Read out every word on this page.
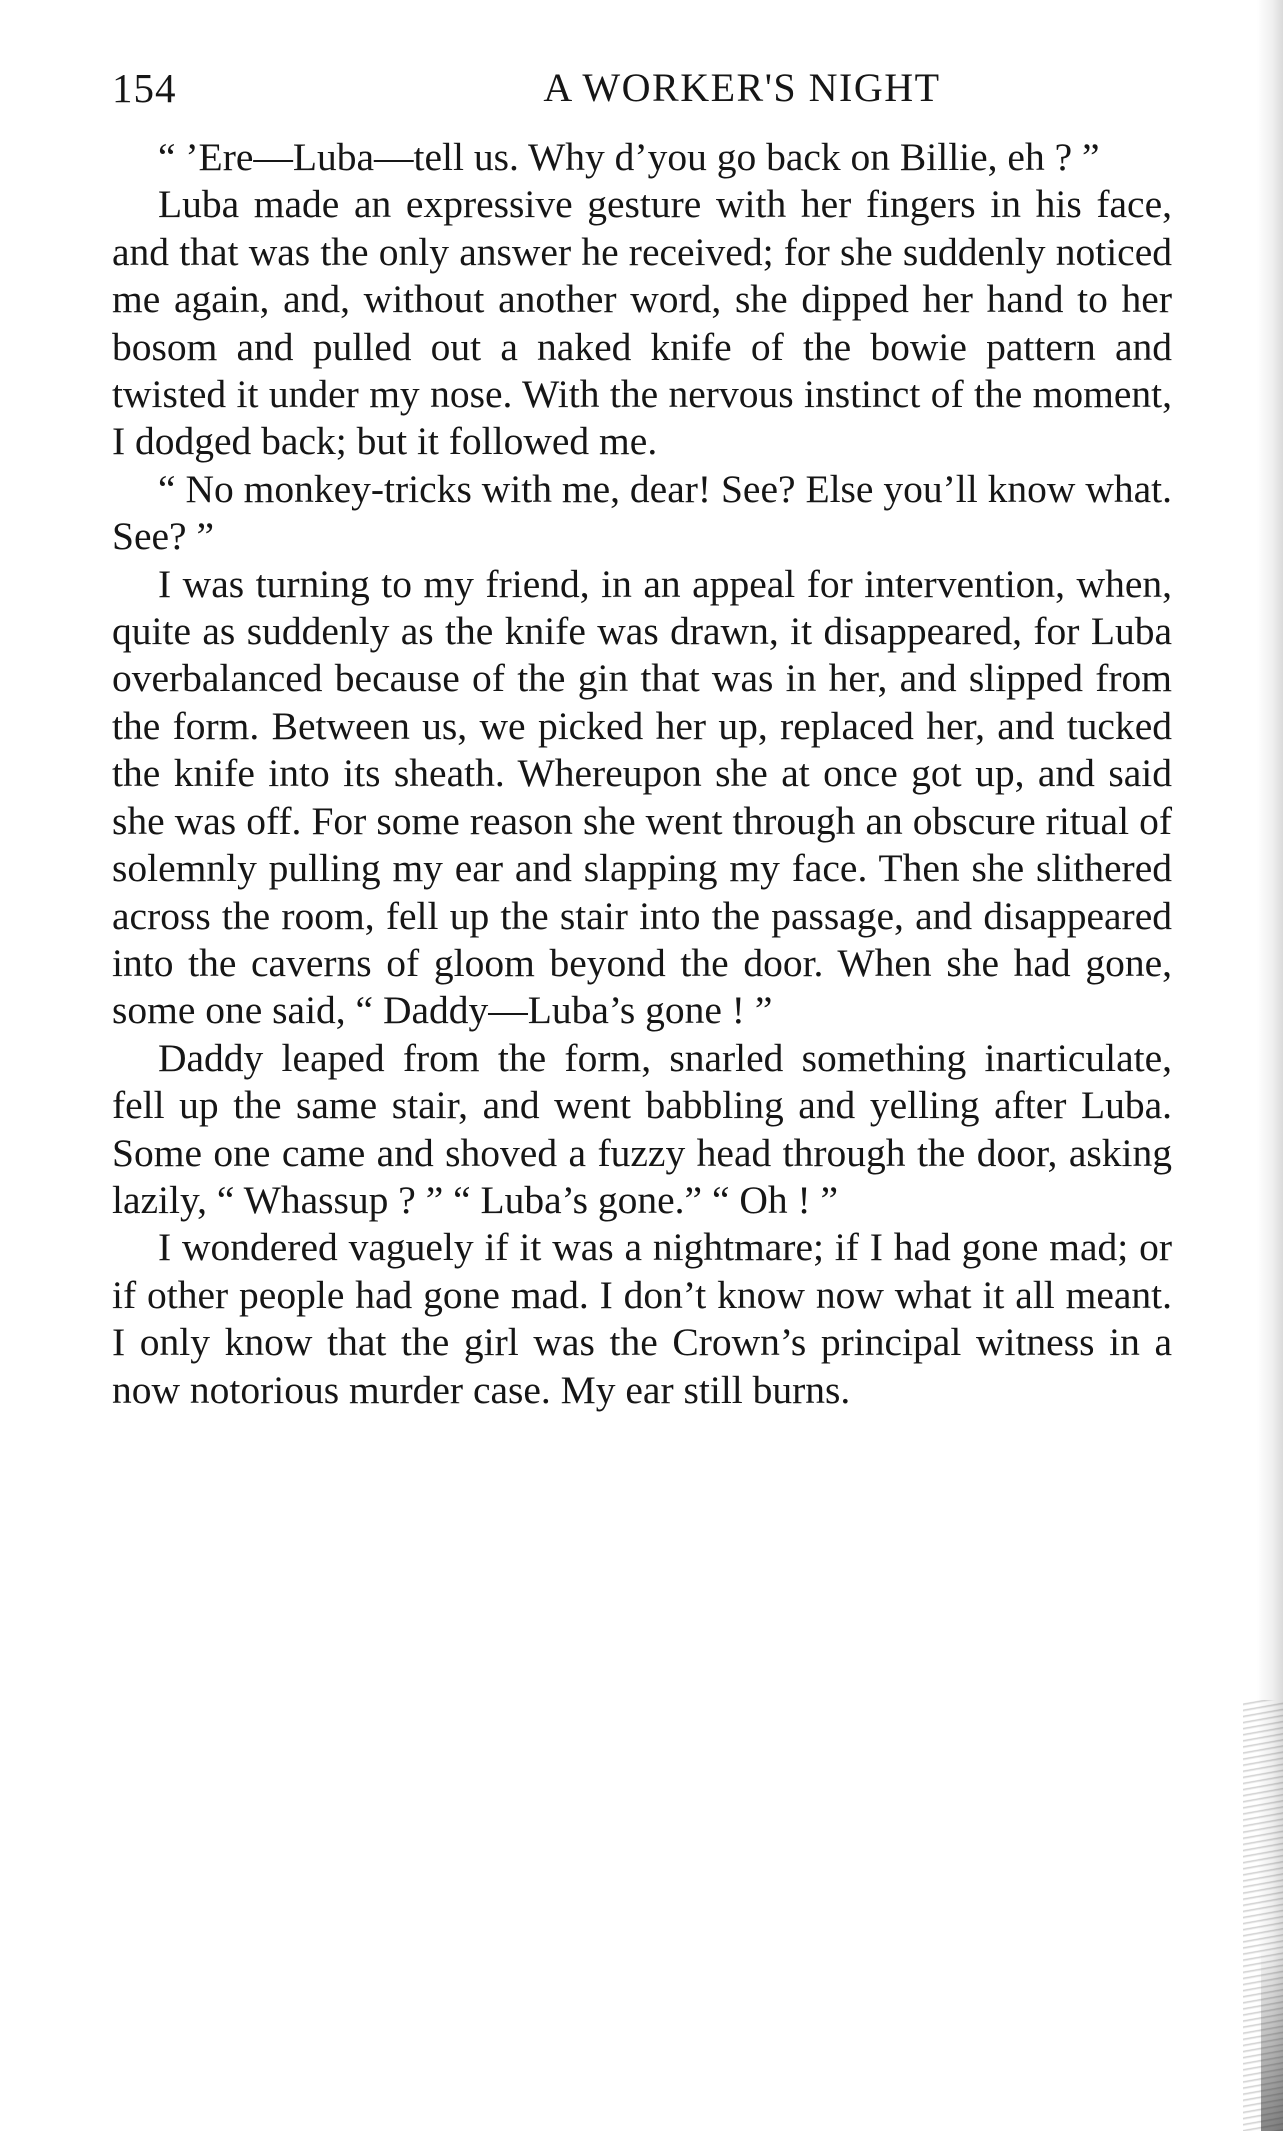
154	A WORKER'S NIGHT

“ ’Ere—Luba—tell us. Why d’you go back on Billie, eh ? ”

Luba made an expressive gesture with her fingers in his face, and that was the only answer he received; for she suddenly noticed me again, and, without another word, she dipped her hand to her bosom and pulled out a naked knife of the bowie pattern and twisted it under my nose. With the nervous instinct of the moment, I dodged back; but it followed me.

“ No monkey-tricks with me, dear! See? Else you’ll know what. See? ”

I was turning to my friend, in an appeal for intervention, when, quite as suddenly as the knife was drawn, it disappeared, for Luba overbalanced because of the gin that was in her, and slipped from the form. Between us, we picked her up, replaced her, and tucked the knife into its sheath. Whereupon she at once got up, and said she was off. For some reason she went through an obscure ritual of solemnly pulling my ear and slapping my face. Then she slithered across the room, fell up the stair into the passage, and disappeared into the caverns of gloom beyond the door. When she had gone, some one said, “ Daddy—Luba’s gone ! ”

Daddy leaped from the form, snarled something inarticulate, fell up the same stair, and went babbling and yelling after Luba. Some one came and shoved a fuzzy head through the door, asking lazily, “ Whassup ? ” “ Luba’s gone.” “ Oh ! ”

I wondered vaguely if it was a nightmare; if I had gone mad; or if other people had gone mad. I don’t know now what it all meant. I only know that the girl was the Crown’s principal witness in a now notorious murder case. My ear still burns.
